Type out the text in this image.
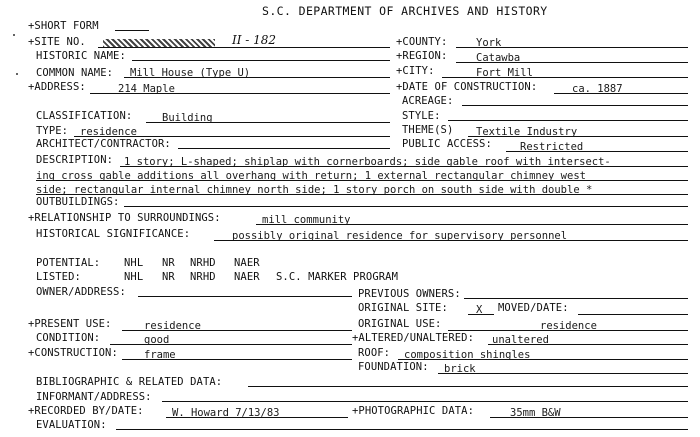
S.C. DEPARTMENT OF ARCHIVES AND HISTORY
+SHORT FORM
+SITE NO.	II - 182
HISTORIC NAME:
COMMON NAME: Mill House (Type U)
+ADDRESS:	214 Maple
CLASSIFICATION:	Building
TYPE: residence
ARCHITECT/CONTRACTOR:
+COUNTY:	York
+REGION:	Catawba
+CITY:	Fort Mill
+DATE OF CONSTRUCTION:	ca. 1887
ACREAGE:
STYLE:
THEME(S) Textile Industry
PUBLIC ACCESS:	Restricted
DESCRIPTION: 1 story; L-shaped; shiplap with cornerboards; side gable roof with intersect-
ing cross gable additions all overhang with return; 1 external rectangular chimney west
side; rectangular internal chimney north side; 1 story porch on south side with double *
OUTBUILDINGS:
+RELATIONSHIP TO SURROUNDINGS:	mill community
HISTORICAL SIGNIFICANCE:	possibly original residence for supervisory personnel
POTENTIAL: NHL NR NRHD NAER
LISTED:	NHL NR NRHD NAER S.C. MARKER PROGRAM
OWNER/ADDRESS:	PREVIOUS OWNERS:
ORIGINAL SITE:	X MOVED/DATE:
+PRESENT USE:	residence	ORIGINAL USE:	residence
CONDITION:	good	+ALTERED/UNALTERED: unaltered
+CONSTRUCTION: frame	ROOF: composition shingles
FOUNDATION: brick
BIBLIOGRAPHIC & RELATED DATA:
INFORMANT/ADDRESS:
+RECORDED BY/DATE:	W. Howard 7/13/83	+PHOTOGRAPHIC DATA:	35mm B&W
EVALUATION:
